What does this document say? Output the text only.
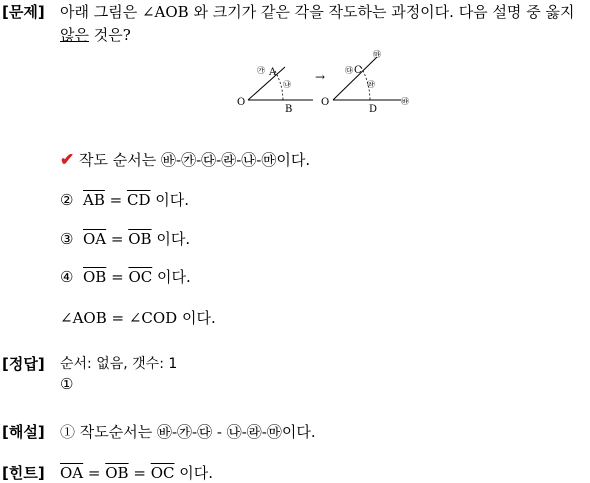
[문제] 아래 그림은 ∠AOB 와 크기가 같은 각을 작도하는 과정이다. 다음 설명 중 옳지
않은 것은?
O
A
B
㉮
㉯
→
O
C
D
㉰
㉱
㉲
㉳
✔ 작도 순서는 ㉳-㉮-㉰-㉱-㉯-㉲이다.
② $\overline{AB} = \overline{CD}$ 이다.
③ $\overline{OA} = \overline{OB}$ 이다.
④ $\overline{OB} = \overline{OC}$ 이다.
∠AOB = ∠COD 이다.
[정답] 순서: 없음, 갯수: 1
①
[해설] ① 작도순서는 ㉳-㉮-㉰ - ㉯-㉱-㉲이다.
[힌트] $\overline{OA} = \overline{OB} = \overline{OC}$ 이다.
